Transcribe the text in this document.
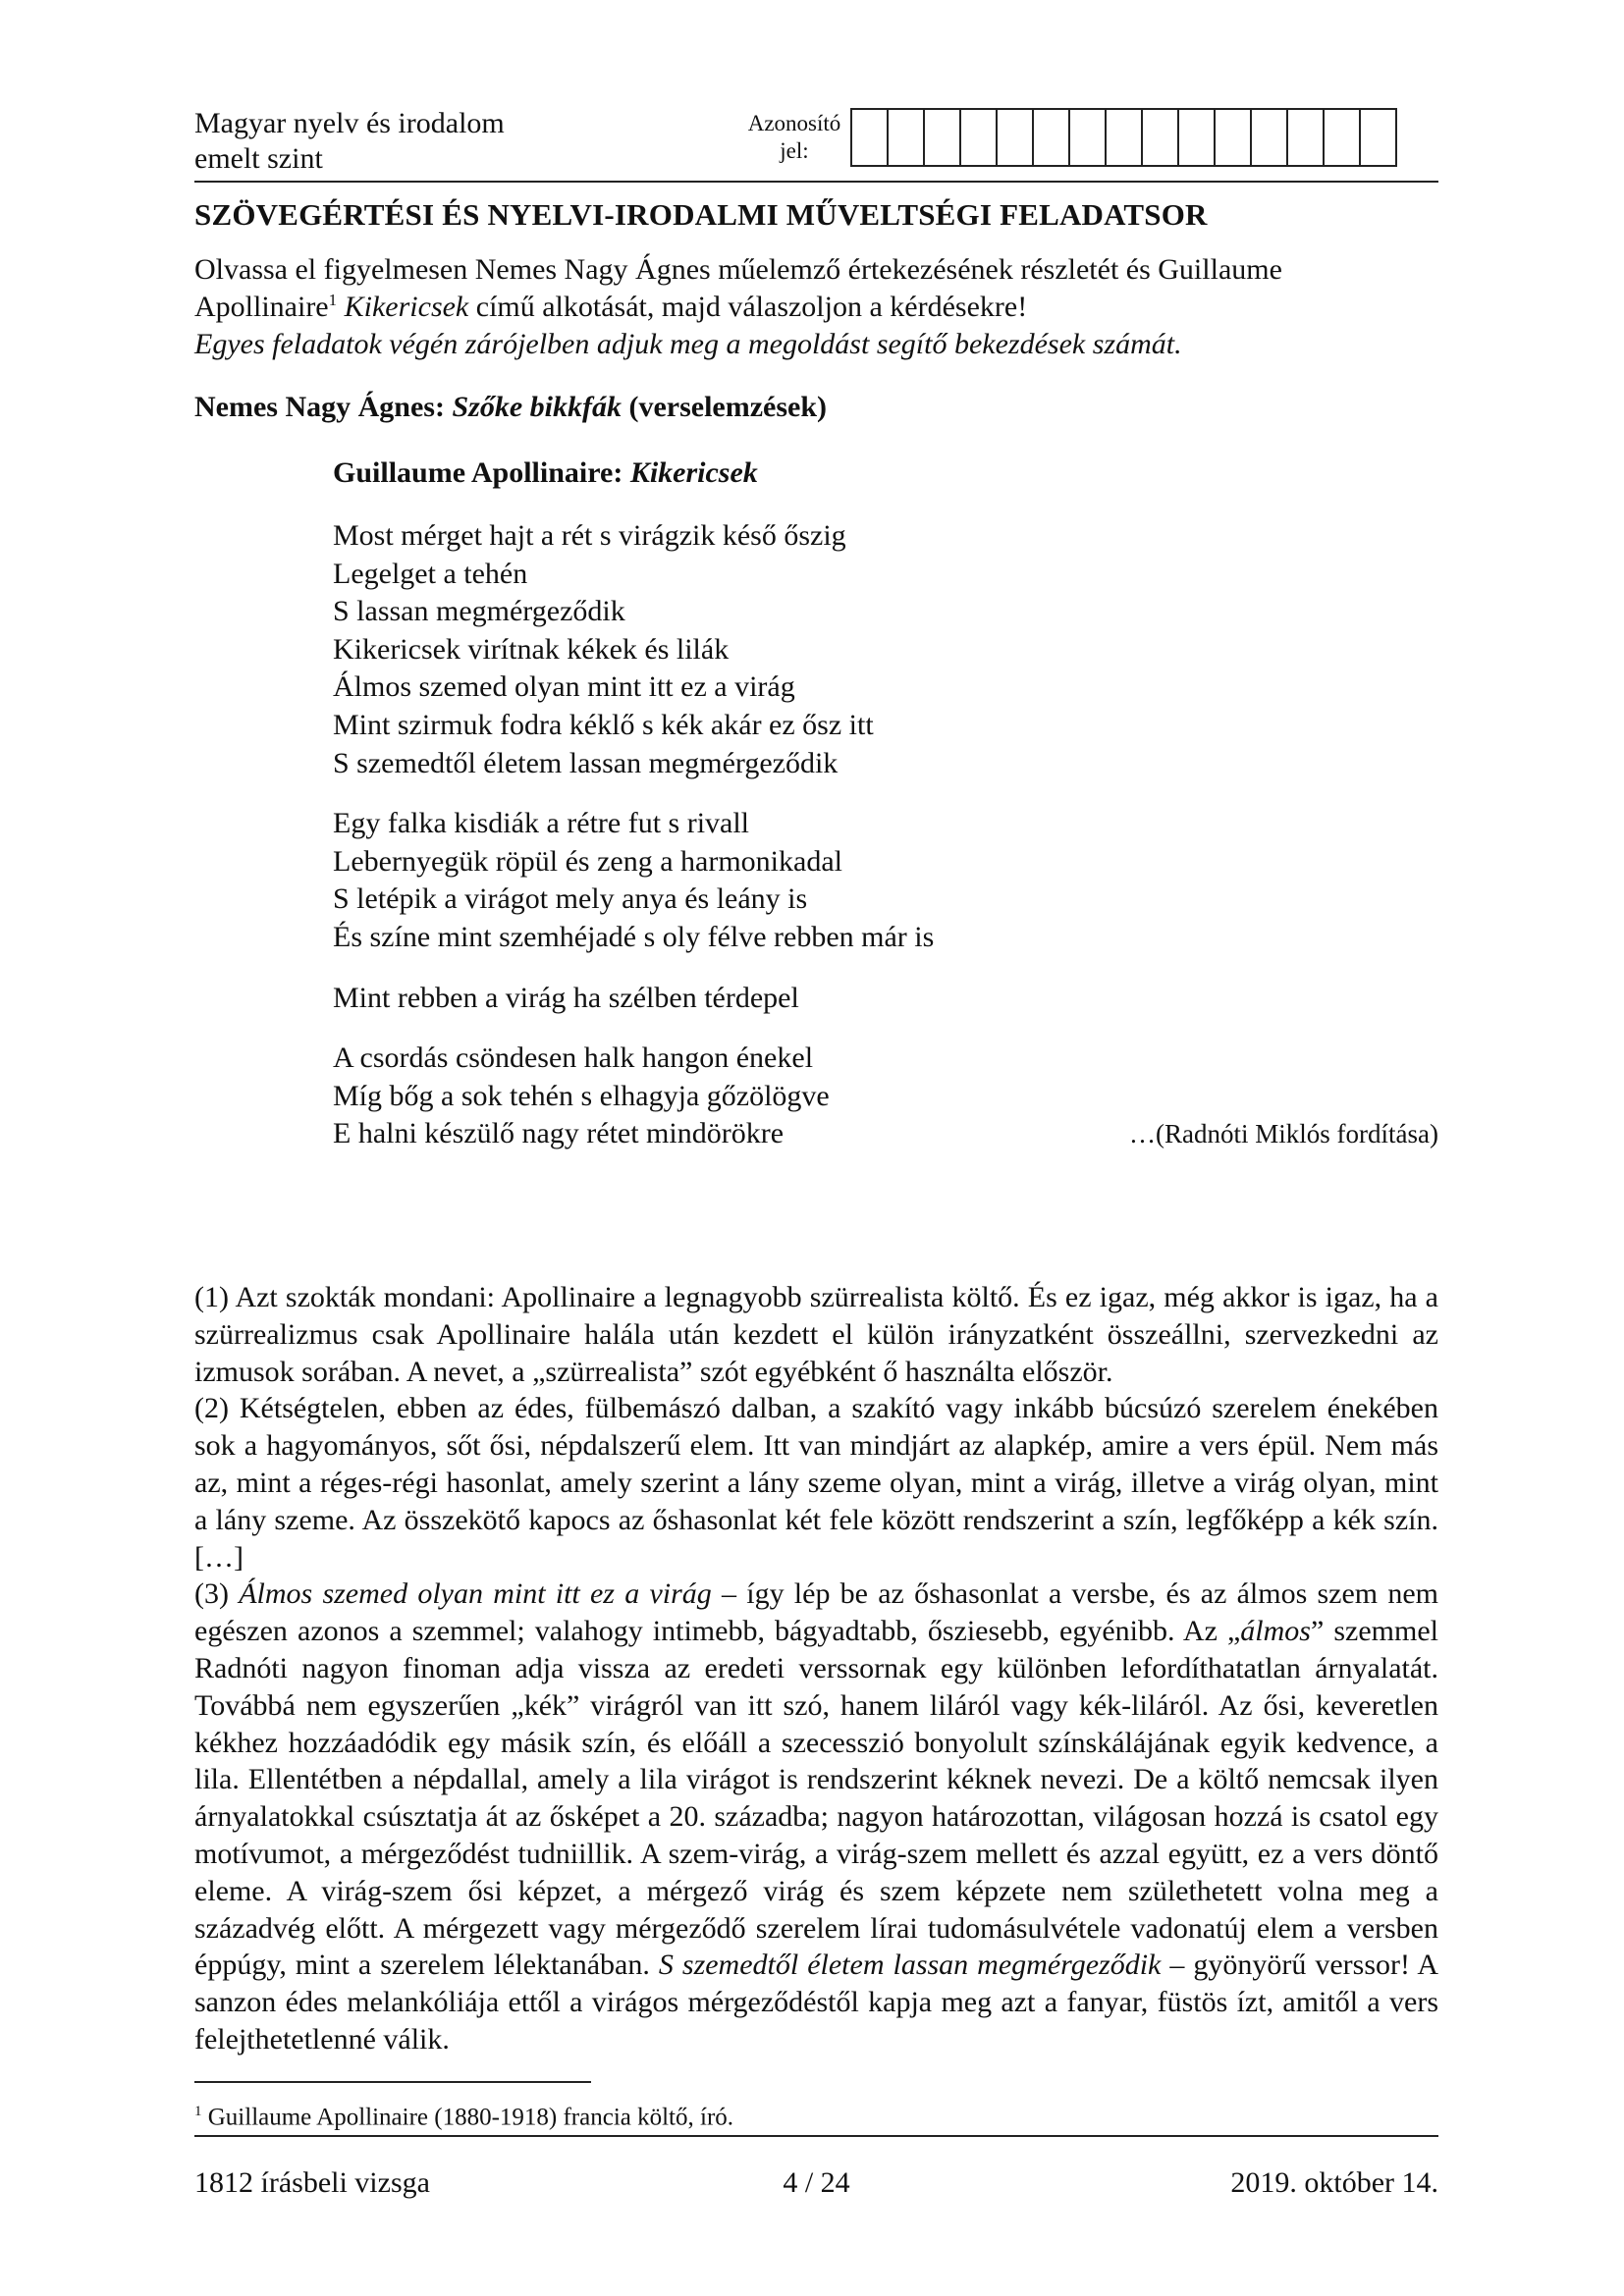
Magyar nyelv és irodalom
emelt szint
Azonosító
jel:
SZÖVEGÉRTÉSI ÉS NYELVI-IRODALMI MŰVELTSÉGI FELADATSOR

Olvassa el figyelmesen Nemes Nagy Ágnes műelemző értekezésének részletét és Guillaume

Apollinaire$^1$ Kikericsek című alkotását, majd válaszoljon a kérdésekre!

Egyes feladatok végén zárójelben adjuk meg a megoldást segítő bekezdések számát.

Nemes Nagy Ágnes: Szőke bikkfák (verselemzések)
Guillaume Apollinaire: Kikericsek
Most mérget hajt a rét s virágzik késő őszig
Legelget a tehén
S lassan megmérgeződik
Kikericsek virítnak kékek és lilák
Álmos szemed olyan mint itt ez a virág
Mint szirmuk fodra kéklő s kék akár ez ősz itt
S szemedtől életem lassan megmérgeződik
Egy falka kisdiák a rétre fut s rivall
Lebernyegük röpül és zeng a harmonikadal
S letépik a virágot mely anya és leány is
És színe mint szemhéjadé s oly félve rebben már is
Mint rebben a virág ha szélben térdepel
A csordás csöndesen halk hangon énekel
Míg bőg a sok tehén s elhagyja gőzölögve
E halni készülő nagy rétet mindörökre	…(Radnóti Miklós fordítása)

(1) Azt szokták mondani: Apollinaire a legnagyobb szürrealista költő. És ez igaz, még akkor is igaz, ha a szürrealizmus csak Apollinaire halála után kezdett el külön irányzatként összeállni, szervezkedni az izmusok sorában. A nevet, a „szürrealista” szót egyébként ő használta először.

(2) Kétségtelen, ebben az édes, fülbemászó dalban, a szakító vagy inkább búcsúzó szerelem énekében sok a hagyományos, sőt ősi, népdalszerű elem. Itt van mindjárt az alapkép, amire a vers épül. Nem más az, mint a réges-régi hasonlat, amely szerint a lány szeme olyan, mint a virág, illetve a virág olyan, mint a lány szeme. Az összekötő kapocs az őshasonlat két fele között rendszerint a szín, legfőképp a kék szín. […]

(3) Álmos szemed olyan mint itt ez a virág – így lép be az őshasonlat a versbe, és az álmos szem nem egészen azonos a szemmel; valahogy intimebb, bágyadtabb, ősziesebb, egyénibb. Az „álmos” szemmel Radnóti nagyon finoman adja vissza az eredeti verssornak egy különben lefordíthatatlan árnyalatát. Továbbá nem egyszerűen „kék” virágról van itt szó, hanem liláról vagy kék-liláról. Az ősi, keveretlen kékhez hozzáadódik egy másik szín, és előáll a szecesszió bonyolult színskálájának egyik kedvence, a lila. Ellentétben a népdallal, amely a lila virágot is rendszerint kéknek nevezi. De a költő nemcsak ilyen árnyalatokkal csúsztatja át az ősképet a 20. századba; nagyon határozottan, világosan hozzá is csatol egy motívumot, a mérgeződést tudniillik. A szem-virág, a virág-szem mellett és azzal együtt, ez a vers döntő eleme. A virág-szem ősi képzet, a mérgező virág és szem képzete nem születhetett volna meg a századvég előtt. A mérgezett vagy mérgeződő szerelem lírai tudomásulvétele vadonatúj elem a versben éppúgy, mint a szerelem lélektanában. S szemedtől életem lassan megmérgeződik – gyönyörű verssor! A sanzon édes melankóliája ettől a virágos mérgeződéstől kapja meg azt a fanyar, füstös ízt, amitől a vers felejthetetlenné válik.

$^1$ Guillaume Apollinaire (1880-1918) francia költő, író.
1812 írásbeli vizsga	4 / 24	2019. október 14.
